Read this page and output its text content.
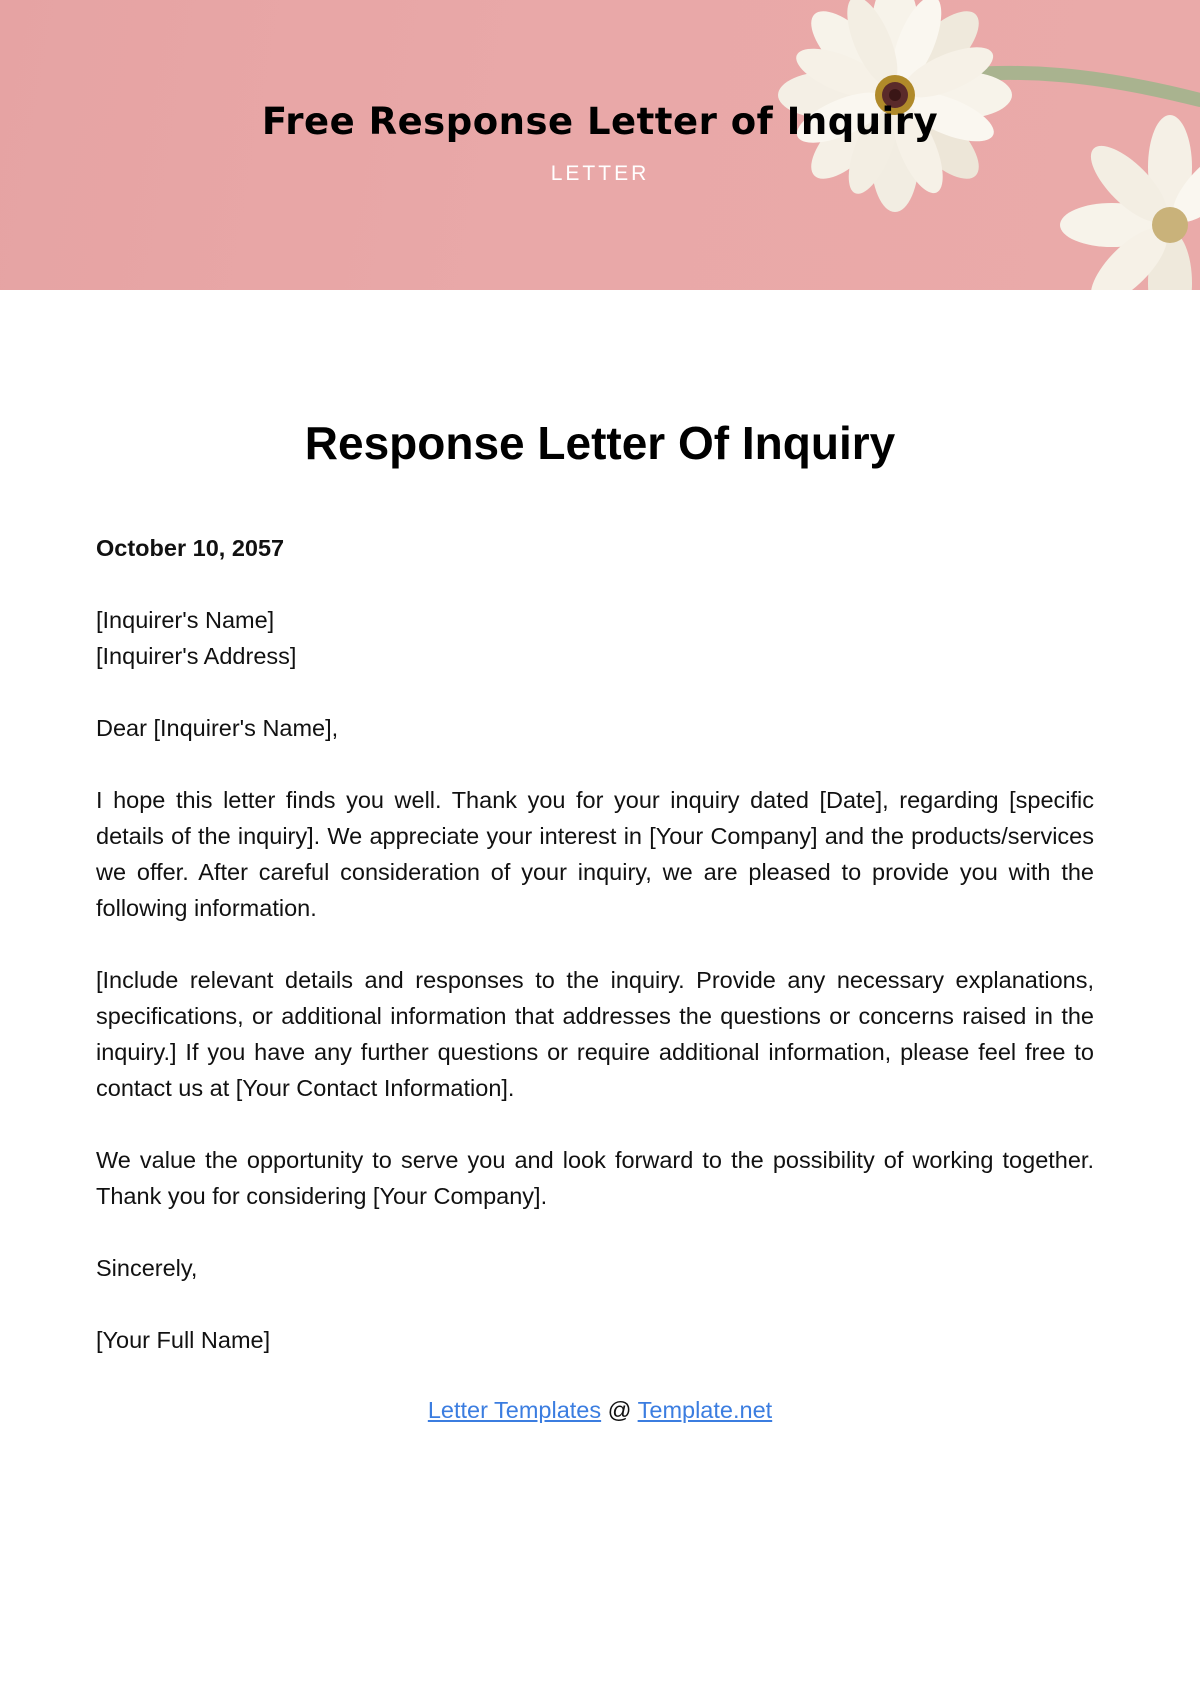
Free Response Letter of Inquiry
LETTER
Response Letter Of Inquiry

October 10, 2057

[Inquirer's Name]

[Inquirer's Address]

Dear [Inquirer's Name],

I hope this letter finds you well. Thank you for your inquiry dated [Date], regarding [specific details of the inquiry]. We appreciate your interest in [Your Company] and the products/services we offer. After careful consideration of your inquiry, we are pleased to provide you with the following information.

[Include relevant details and responses to the inquiry. Provide any necessary explanations, specifications, or additional information that addresses the questions or concerns raised in the inquiry.] If you have any further questions or require additional information, please feel free to contact us at [Your Contact Information].

We value the opportunity to serve you and look forward to the possibility of working together. Thank you for considering [Your Company].

Sincerely,

[Your Full Name]

Letter Templates @ Template.net
